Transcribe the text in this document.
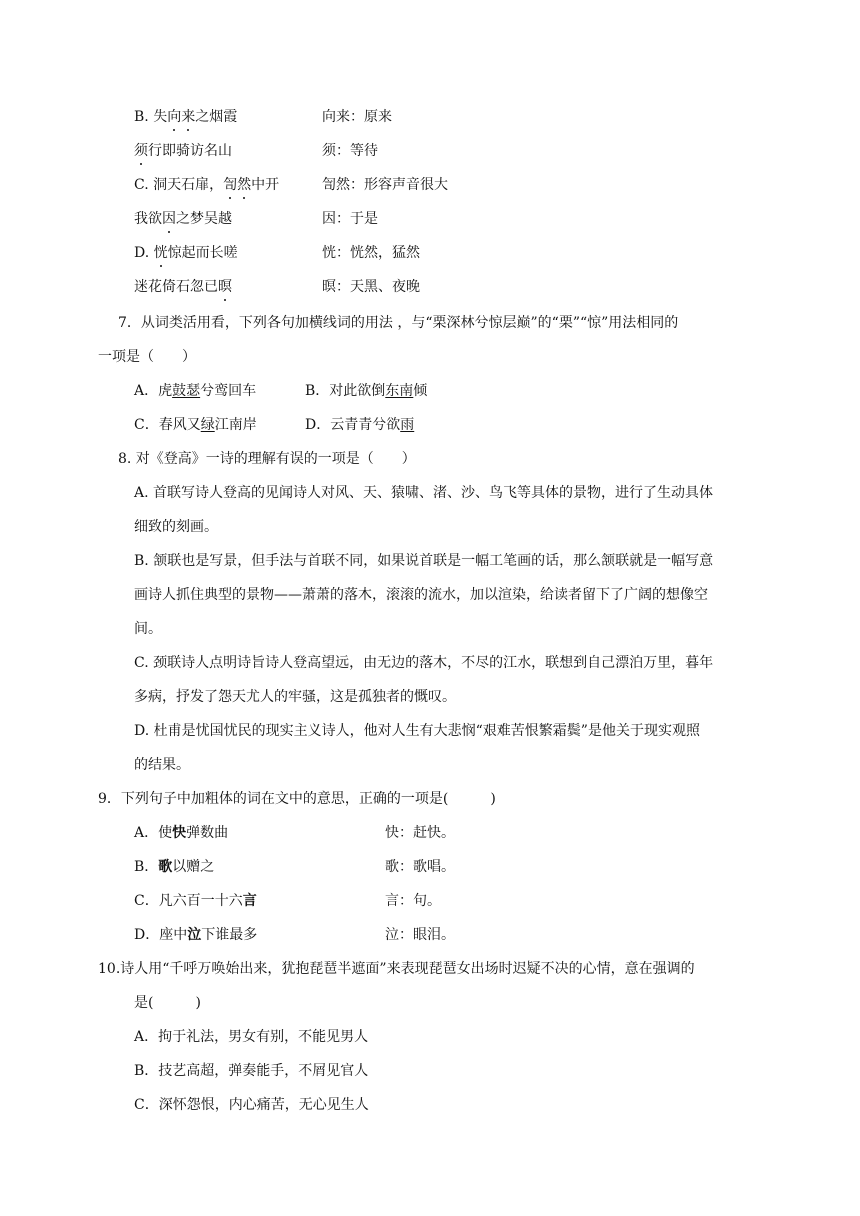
B. 失向来之烟霞	向来：原来
须行即骑访名山	须：等待
C. 洞天石扉，訇然中开	訇然：形容声音很大
我欲因之梦吴越	因：于是
D. 恍惊起而长嗟	恍：恍然，猛然
迷花倚石忽已暝	暝：天黑、夜晚
7．从词类活用看，下列各句加横线词的用法 ，与“栗深林兮惊层巅”的“栗”“惊”用法相同的
一项是（　　）
A．虎鼓瑟兮鸾回车	B．对此欲倒东南倾
C．春风又绿江南岸	D．云青青兮欲雨
8. 对《登高》一诗的理解有误的一项是（　　）
A. 首联写诗人登高的见闻诗人对风、天、猿啸、渚、沙、鸟飞等具体的景物，进行了生动具体
细致的刻画。
B. 颔联也是写景，但手法与首联不同，如果说首联是一幅工笔画的话，那么颔联就是一幅写意
画诗人抓住典型的景物——萧萧的落木，滚滚的流水，加以渲染，给读者留下了广阔的想像空
间。
C. 颈联诗人点明诗旨诗人登高望远，由无边的落木，不尽的江水，联想到自己漂泊万里，暮年
多病，抒发了怨天尤人的牢骚，这是孤独者的慨叹。
D. 杜甫是忧国忧民的现实主义诗人，他对人生有大悲悯“艰难苦恨繁霜鬓”是他关于现实观照
的结果。
9．下列句子中加粗体的词在文中的意思，正确的一项是(　　　)
A．使快弹数曲	快：赶快。
B．歌以赠之	歌：歌唱。
C．凡六百一十六言	言：句。
D．座中泣下谁最多	泣：眼泪。
10.诗人用“千呼万唤始出来，犹抱琵琶半遮面”来表现琵琶女出场时迟疑不决的心情，意在强调的
是(　　　)
A．拘于礼法，男女有别，不能见男人
B．技艺高超，弹奏能手，不屑见官人
C．深怀怨恨，内心痛苦，无心见生人
